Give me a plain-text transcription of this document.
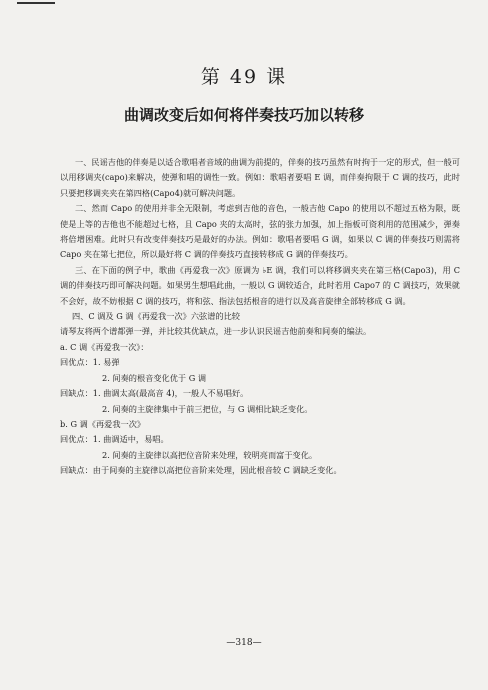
第 49 课
曲调改变后如何将伴奏技巧加以转移

一、民谣吉他的伴奏是以适合歌唱者音域的曲调为前提的，伴奏的技巧虽然有时拘于一定的形式，但一般可以用移调夹(capo)来解决，使弹和唱的调性一致。例如：歌唱者要唱 E 调，而伴奏拘限于 C 调的技巧，此时只要把移调夹夹在第四格(Capo4)就可解决问题。

二、然而 Capo 的使用并非全无限制，考虑到吉他的音色，一般吉他 Capo 的使用以不超过五格为限，既使是上等的吉他也不能超过七格，且 Capo 夹的太高时，弦的张力加强，加上指板可资利用的范围减少，弹奏将倍增困难。此时只有改变伴奏技巧是最好的办法。例如：歌唱者要唱 G 调，如果以 C 调的伴奏技巧则需将 Capo 夹在第七把位，所以最好将 C 调的伴奏技巧直接转移成 G 调的伴奏技巧。

三、在下面的例子中，歌曲《再爱我一次》原调为 ♭E 调，我们可以将移调夹夹在第三格(Capo3)，用 C 调的伴奏技巧即可解决问题。如果男生想唱此曲，一般以 G 调较适合，此时若用 Capo7 的 C 调技巧，效果就不会好，故不妨根据 C 调的技巧，将和弦、指法包括根音的进行以及高音旋律全部转移成 G 调。

四、C 调及 G 调《再爱我一次》六弦谱的比较

请琴友将两个谱都弹一弹，并比较其优缺点，进一步认识民谣吉他前奏和间奏的编法。

a. C 调《再爱我一次》：

回优点：1. 易弹

2. 间奏的根音变化优于 G 调

回缺点：1. 曲调太高(最高音 4̇)，一般人不易唱好。

2. 间奏的主旋律集中于前三把位，与 G 调相比缺乏变化。

b. G 调《再爱我一次》

回优点：1. 曲调适中，易唱。

2. 间奏的主旋律以高把位音阶来处理，较明亮而富于变化。

回缺点：由于间奏的主旋律以高把位音阶来处理，因此根音较 C 调缺乏变化。

—318—
